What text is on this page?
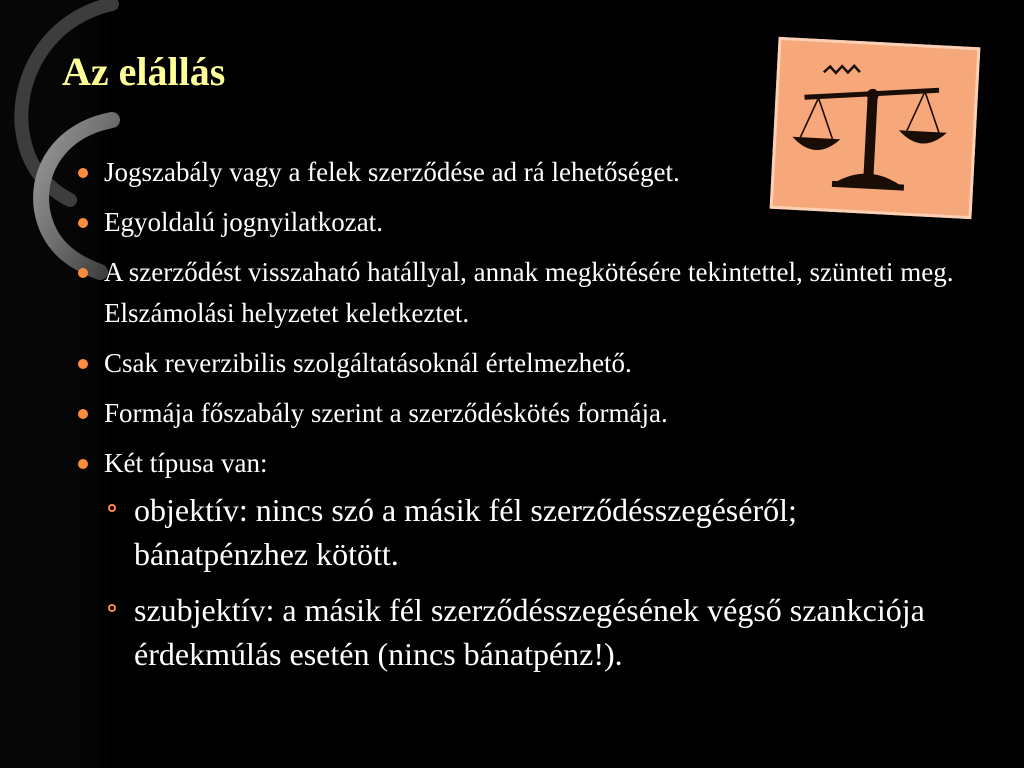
Az elállás
Jogszabály vagy a felek szerződése ad rá lehetőséget.
Egyoldalú jognyilatkozat.
A szerződést visszaható hatállyal, annak megkötésére tekintettel, szünteti meg. Elszámolási helyzetet keletkeztet.
Csak reverzibilis szolgáltatásoknál értelmezhető.
Formája főszabály szerint a szerződéskötés formája.
Két típusa van:
objektív: nincs szó a másik fél szerződésszegéséről; bánatpénzhez kötött.
szubjektív: a másik fél szerződésszegésének végső szankciója érdekmúlás esetén (nincs bánatpénz!).
